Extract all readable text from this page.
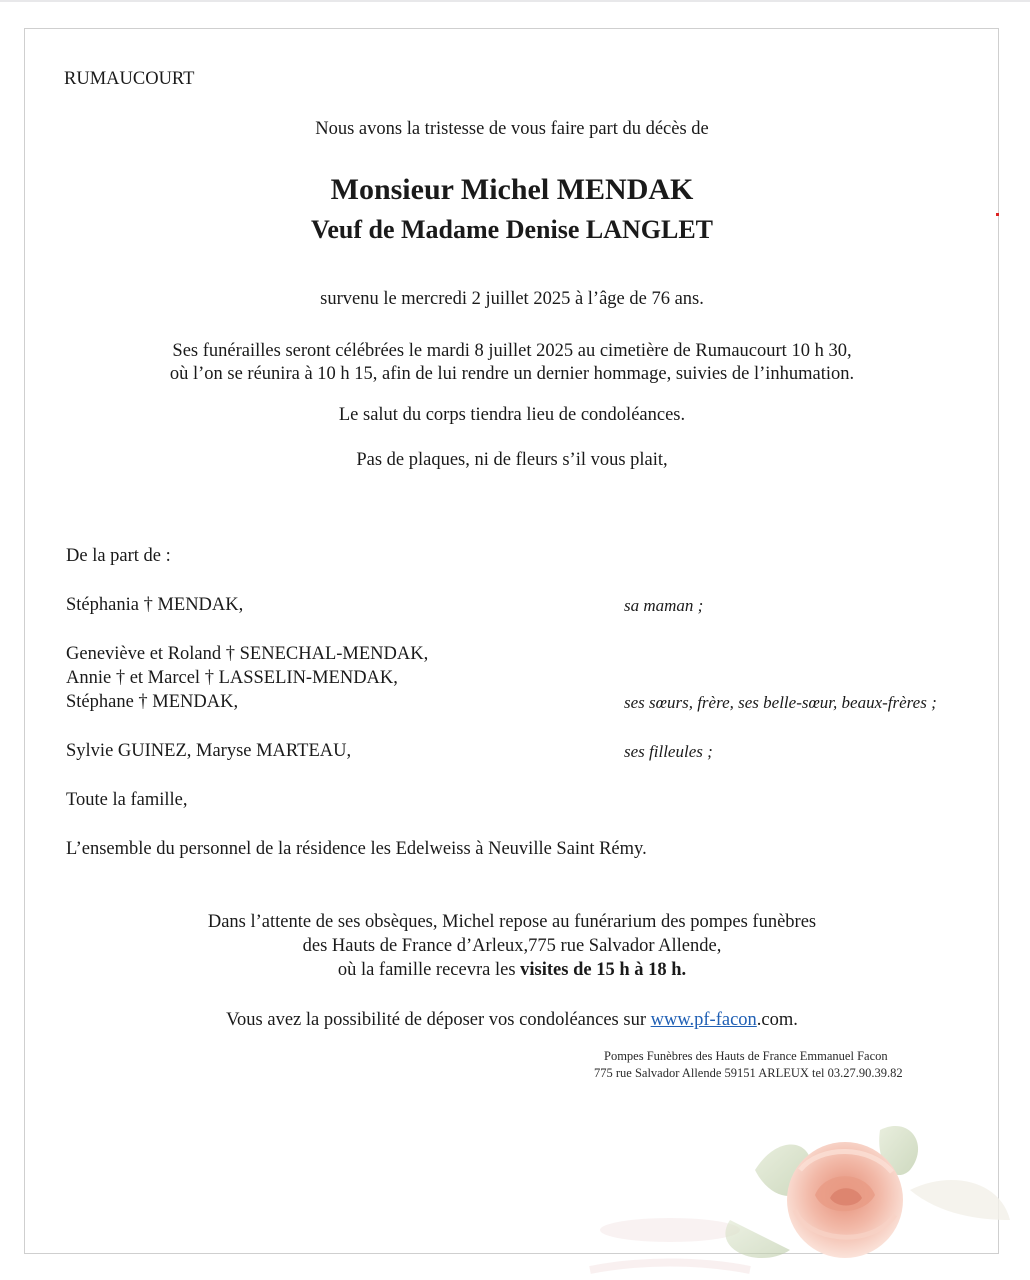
RUMAUCOURT
Nous avons la tristesse de vous faire part du décès de
Monsieur Michel MENDAK
Veuf de Madame Denise LANGLET
survenu le mercredi 2 juillet 2025 à l’âge de 76 ans.
Ses funérailles seront célébrées le mardi 8 juillet 2025 au cimetière de Rumaucourt 10 h 30,
où l’on se réunira à 10 h 15, afin de lui rendre un dernier hommage, suivies de l’inhumation.
Le salut du corps tiendra lieu de condoléances.
Pas de plaques, ni de fleurs s’il vous plait,
De la part de :
Stéphania † MENDAK,	sa maman ;
Geneviève et Roland † SENECHAL-MENDAK,
Annie † et Marcel † LASSELIN-MENDAK,
Stéphane † MENDAK,	ses sœurs, frère, ses belle-sœur, beaux-frères ;
Sylvie GUINEZ, Maryse MARTEAU,	ses filleules ;
Toute la famille,
L’ensemble du personnel de la résidence les Edelweiss à Neuville Saint Rémy.
Dans l’attente de ses obsèques, Michel repose au funérarium des pompes funèbres
des Hauts de France d’Arleux,775 rue Salvador Allende,
où la famille recevra les visites de 15 h à 18 h.
Vous avez la possibilité de déposer vos condoléances sur www.pf-facon.com.
Pompes Funèbres des Hauts de France Emmanuel Facon
775 rue Salvador Allende 59151 ARLEUX tel 03.27.90.39.82
